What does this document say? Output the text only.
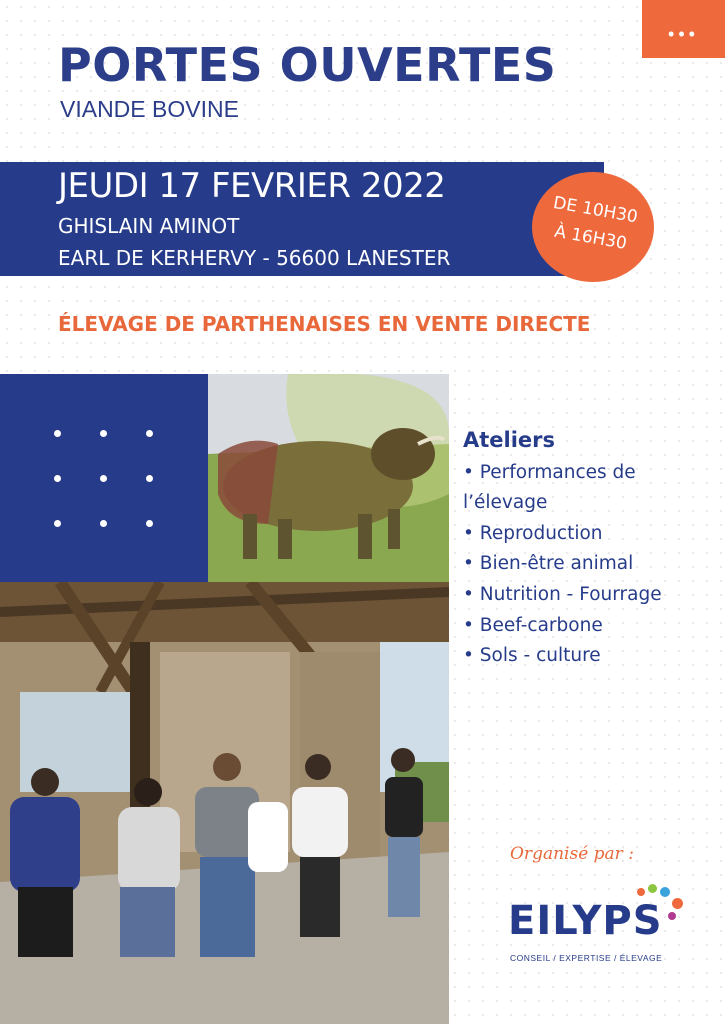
•••
PORTES OUVERTES
VIANDE BOVINE
JEUDI 17 FEVRIER 2022
GHISLAIN AMINOT
EARL DE KERHERVY - 56600 LANESTER
DE 10H30
À 16H30
ÉLEVAGE DE PARTHENAISES EN VENTE DIRECTE
Ateliers
• Performances de
l’élevage
• Reproduction
• Bien-être animal
• Nutrition - Fourrage
• Beef-carbone
• Sols - culture
Organisé par :
EILYPS
CONSEIL / EXPERTISE / ÉLEVAGE
